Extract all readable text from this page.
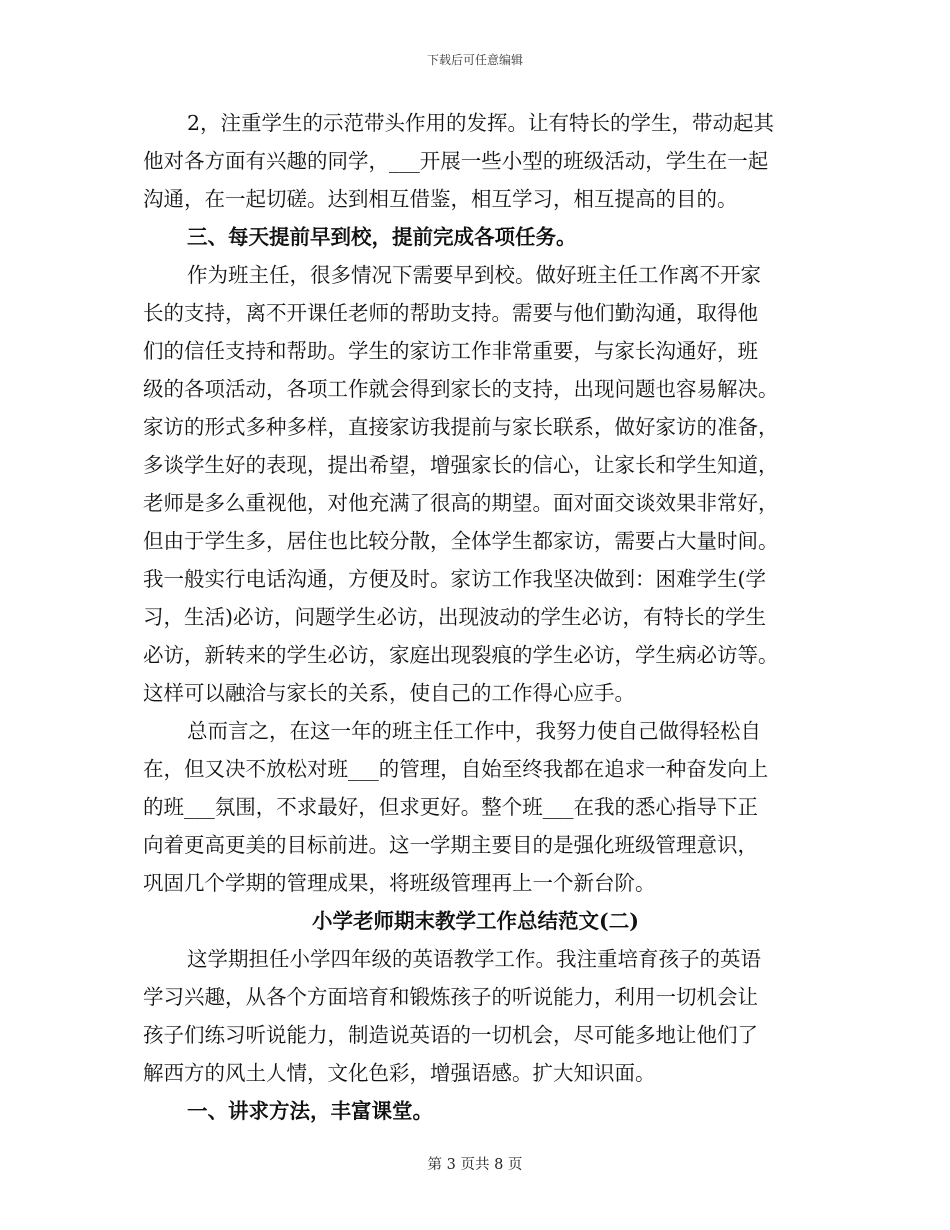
下载后可任意编辑
2，注重学生的示范带头作用的发挥。让有特长的学生，带动起其
他对各方面有兴趣的同学，___开展一些小型的班级活动，学生在一起
沟通，在一起切磋。达到相互借鉴，相互学习，相互提高的目的。
三、每天提前早到校，提前完成各项任务。
作为班主任，很多情况下需要早到校。做好班主任工作离不开家
长的支持，离不开课任老师的帮助支持。需要与他们勤沟通，取得他
们的信任支持和帮助。学生的家访工作非常重要，与家长沟通好，班
级的各项活动，各项工作就会得到家长的支持，出现问题也容易解决。
家访的形式多种多样，直接家访我提前与家长联系，做好家访的准备，
多谈学生好的表现，提出希望，增强家长的信心，让家长和学生知道，
老师是多么重视他，对他充满了很高的期望。面对面交谈效果非常好，
但由于学生多，居住也比较分散，全体学生都家访，需要占大量时间。
我一般实行电话沟通，方便及时。家访工作我坚决做到：困难学生(学
习，生活)必访，问题学生必访，出现波动的学生必访，有特长的学生
必访，新转来的学生必访，家庭出现裂痕的学生必访，学生病必访等。
这样可以融洽与家长的关系，使自己的工作得心应手。
总而言之，在这一年的班主任工作中，我努力使自己做得轻松自
在，但又决不放松对班___的管理，自始至终我都在追求一种奋发向上
的班___氛围，不求最好，但求更好。整个班___在我的悉心指导下正
向着更高更美的目标前进。这一学期主要目的是强化班级管理意识，
巩固几个学期的管理成果，将班级管理再上一个新台阶。
小学老师期末教学工作总结范文(二)
这学期担任小学四年级的英语教学工作。我注重培育孩子的英语
学习兴趣，从各个方面培育和锻炼孩子的听说能力，利用一切机会让
孩子们练习听说能力，制造说英语的一切机会，尽可能多地让他们了
解西方的风土人情，文化色彩，增强语感。扩大知识面。
一、讲求方法，丰富课堂。
第 3 页共 8 页
